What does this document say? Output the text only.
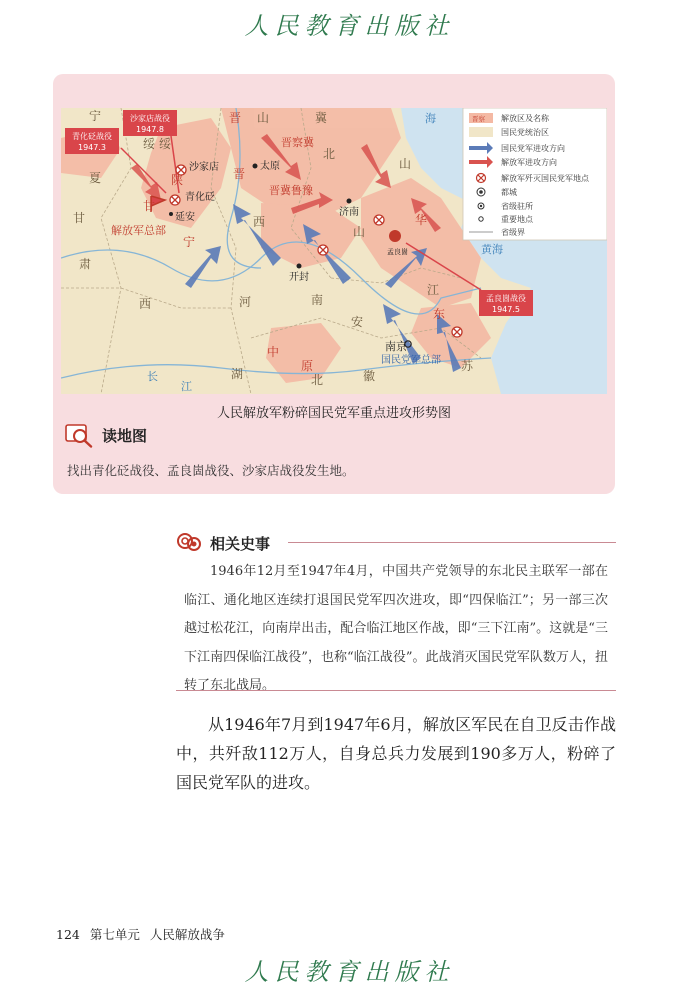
人民教育出版社
青化砭战役
1947.3
沙家店战役
1947.8
孟良崮战役
1947.5
沙家店
青化砭
延安
太原
济南
孟良崮
开封
南京
国民党军总部
解放军总部
宁
绥 绥
夏
甘
肃
西
甘
陕
宁
晋 山	冀
北
晋
晋察冀
晋冀鲁豫
西
山
河	南
安
徽
湖	北
中
原
华
东
江
苏
山
海
黄海
长
江
晋察 解放区及名称
国民党统治区
国民党军进攻方向
解放军进攻方向
解放军歼灭国民党军地点
都城
省级驻所
重要地点
省级界
人民解放军粉碎国民党军重点进攻形势图
读地图
找出青化砭战役、孟良崮战役、沙家店战役发生地。
相关史事
1946年12月至1947年4月，中国共产党领导的东北民主联军一部在临江、通化地区连续打退国民党军四次进攻，即“四保临江”；另一部三次越过松花江，向南岸出击，配合临江地区作战，即“三下江南”。这就是“三下江南四保临江战役”，也称“临江战役”。此战消灭国民党军队数万人，扭转了东北战局。
从1946年7月到1947年6月，解放区军民在自卫反击作战中，共歼敌112万人，自身总兵力发展到190多万人，粉碎了国民党军队的进攻。
124 第七单元 人民解放战争
人民教育出版社
